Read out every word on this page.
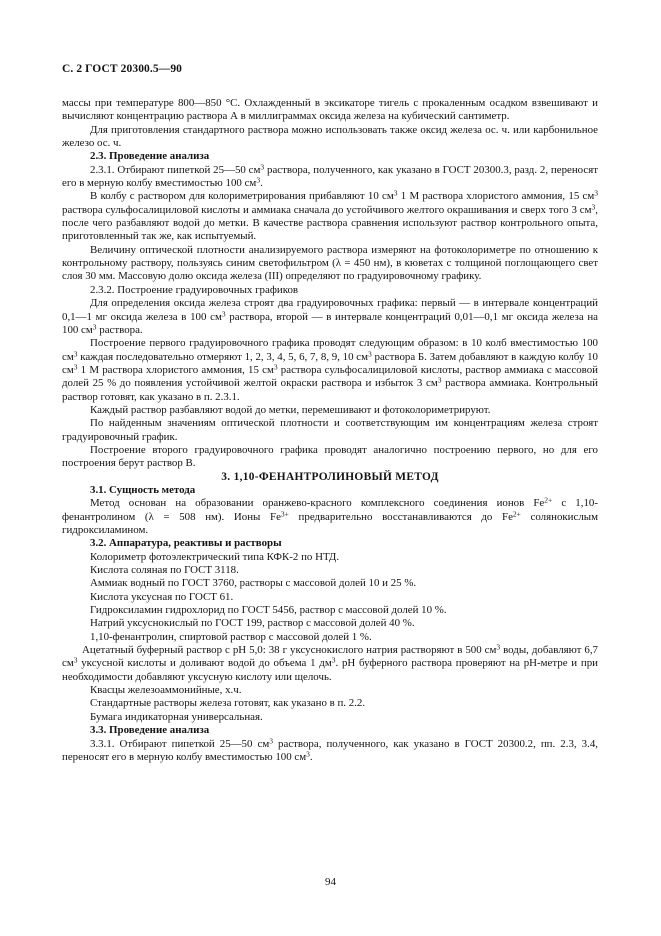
С. 2 ГОСТ 20300.5—90

массы при температуре 800—850 °С. Охлажденный в эксикаторе тигель с прокаленным осадком взвешивают и вычисляют концентрацию раствора А в миллиграммах оксида железа на кубический сантиметр.

Для приготовления стандартного раствора можно использовать также оксид железа ос. ч. или карбонильное железо ос. ч.

2.3. Проведение анализа

2.3.1. Отбирают пипеткой 25—50 $см^3$ раствора, полученного, как указано в ГОСТ 20300.3, разд. 2, переносят его в мерную колбу вместимостью 100 $см^3$.

В колбу с раствором для колориметрирования прибавляют 10 $см^3$ 1 М раствора хлористого аммония, 15 $см^3$ раствора сульфосалициловой кислоты и аммиака сначала до устойчивого желтого окрашивания и сверх того 3 $см^3$, после чего разбавляют водой до метки. В качестве раствора сравнения используют раствор контрольного опыта, приготовленный так же, как испытуемый.

Величину оптической плотности анализируемого раствора измеряют на фотоколориметре по отношению к контрольному раствору, пользуясь синим светофильтром (λ = 450 нм), в кюветах с толщиной поглощающего свет слоя 30 мм. Массовую долю оксида железа (III) определяют по градуировочному графику.

2.3.2. Построение градуировочных графиков

Для определения оксида железа строят два градуировочных графика: первый — в интервале концентраций 0,1—1 мг оксида железа в 100 $см^3$ раствора, второй — в интервале концентраций 0,01—0,1 мг оксида железа на 100 $см^3$ раствора.

Построение первого градуировочного графика проводят следующим образом: в 10 колб вместимостью 100 $см^3$ каждая последовательно отмеряют 1, 2, 3, 4, 5, 6, 7, 8, 9, 10 $см^3$ раствора Б. Затем добавляют в каждую колбу 10 $см^3$ 1 М раствора хлористого аммония, 15 $см^3$ раствора сульфосалициловой кислоты, раствор аммиака с массовой долей 25 % до появления устойчивой желтой окраски раствора и избыток 3 $см^3$ раствора аммиака. Контрольный раствор готовят, как указано в п. 2.3.1.

Каждый раствор разбавляют водой до метки, перемешивают и фотоколориметрируют.

По найденным значениям оптической плотности и соответствующим им концентрациям железа строят градуировочный график.

Построение второго градуировочного графика проводят аналогично построению первого, но для его построения берут раствор В.

3. 1,10-ФЕНАНТРОЛИНОВЫЙ МЕТОД

3.1. Сущность метода

Метод основан на образовании оранжево-красного комплексного соединения ионов $Fe^{2+}$ с 1,10-фенантролином (λ = 508 нм). Ионы $Fe^{3+}$ предварительно восстанавливаются до $Fe^{2+}$ солянокислым гидроксиламином.

3.2. Аппаратура, реактивы и растворы

Колориметр фотоэлектрический типа КФК-2 по НТД.

Кислота соляная по ГОСТ 3118.

Аммиак водный по ГОСТ 3760, растворы с массовой долей 10 и 25 %.

Кислота уксусная по ГОСТ 61.

Гидроксиламин гидрохлорид по ГОСТ 5456, раствор с массовой долей 10 %.

Натрий уксуснокислый по ГОСТ 199, раствор с массовой долей 40 %.

1,10-фенантролин, спиртовой раствор с массовой долей 1 %.

Ацетатный буферный раствор с pH 5,0: 38 г уксуснокислого натрия растворяют в 500 $см^3$ воды, добавляют 6,7 $см^3$ уксусной кислоты и доливают водой до объема 1 $дм^3$. pH буферного раствора проверяют на pH-метре и при необходимости добавляют уксусную кислоту или щелочь.

Квасцы железоаммонийные, х.ч.

Стандартные растворы железа готовят, как указано в п. 2.2.

Бумага индикаторная универсальная.

3.3. Проведение анализа

3.3.1. Отбирают пипеткой 25—50 $см^3$ раствора, полученного, как указано в ГОСТ 20300.2, пп. 2.3, 3.4, переносят его в мерную колбу вместимостью 100 $см^3$.

94
